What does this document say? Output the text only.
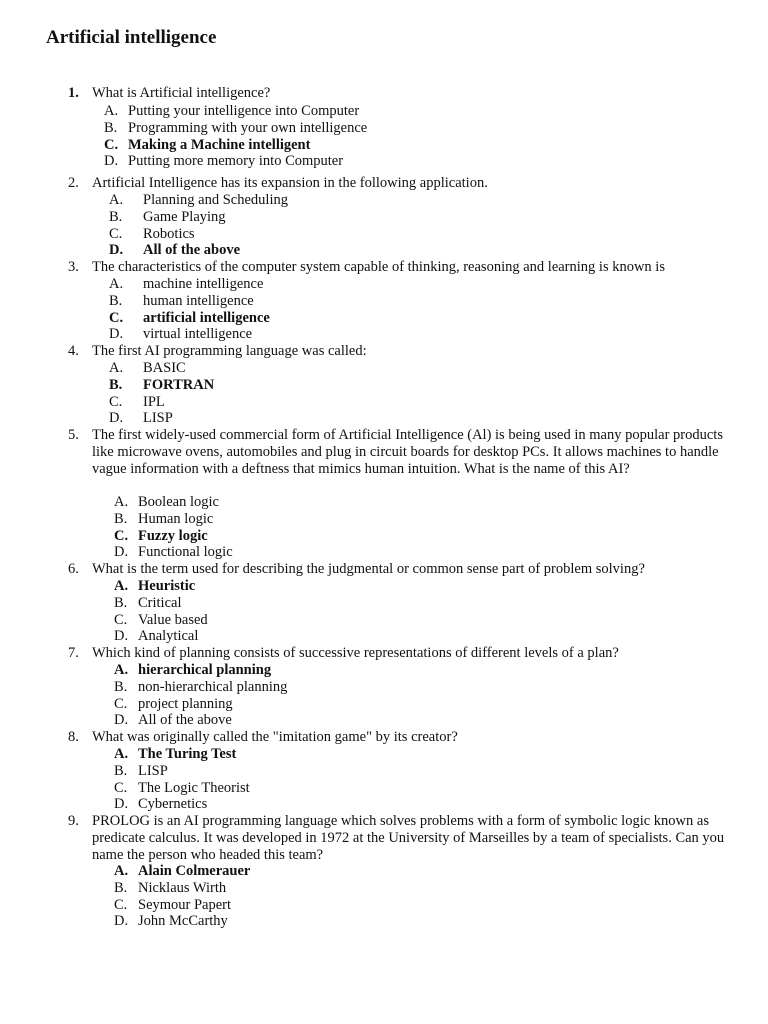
Artificial intelligence
1. What is Artificial intelligence?
A. Putting your intelligence into Computer
B. Programming with your own intelligence
C. Making a Machine intelligent
D. Putting more memory into Computer
2. Artificial Intelligence has its expansion in the following application.
A. Planning and Scheduling
B. Game Playing
C. Robotics
D. All of the above
3. The characteristics of the computer system capable of thinking, reasoning and learning is known is
A. machine intelligence
B. human intelligence
C. artificial intelligence
D. virtual intelligence
4. The first AI programming language was called:
A. BASIC
B. FORTRAN
C. IPL
D. LISP
5. The first widely-used commercial form of Artificial Intelligence (Al) is being used in many popular products like microwave ovens, automobiles and plug in circuit boards for desktop PCs. It allows machines to handle vague information with a deftness that mimics human intuition. What is the name of this AI?
A. Boolean logic
B. Human logic
C. Fuzzy logic
D. Functional logic
6. What is the term used for describing the judgmental or common sense part of problem solving?
A. Heuristic
B. Critical
C. Value based
D. Analytical
7. Which kind of planning consists of successive representations of different levels of a plan?
A. hierarchical planning
B. non-hierarchical planning
C. project planning
D. All of the above
8. What was originally called the "imitation game" by its creator?
A. The Turing Test
B. LISP
C. The Logic Theorist
D. Cybernetics
9. PROLOG is an AI programming language which solves problems with a form of symbolic logic known as predicate calculus. It was developed in 1972 at the University of Marseilles by a team of specialists. Can you name the person who headed this team?
A. Alain Colmerauer
B. Nicklaus Wirth
C. Seymour Papert
D. John McCarthy
